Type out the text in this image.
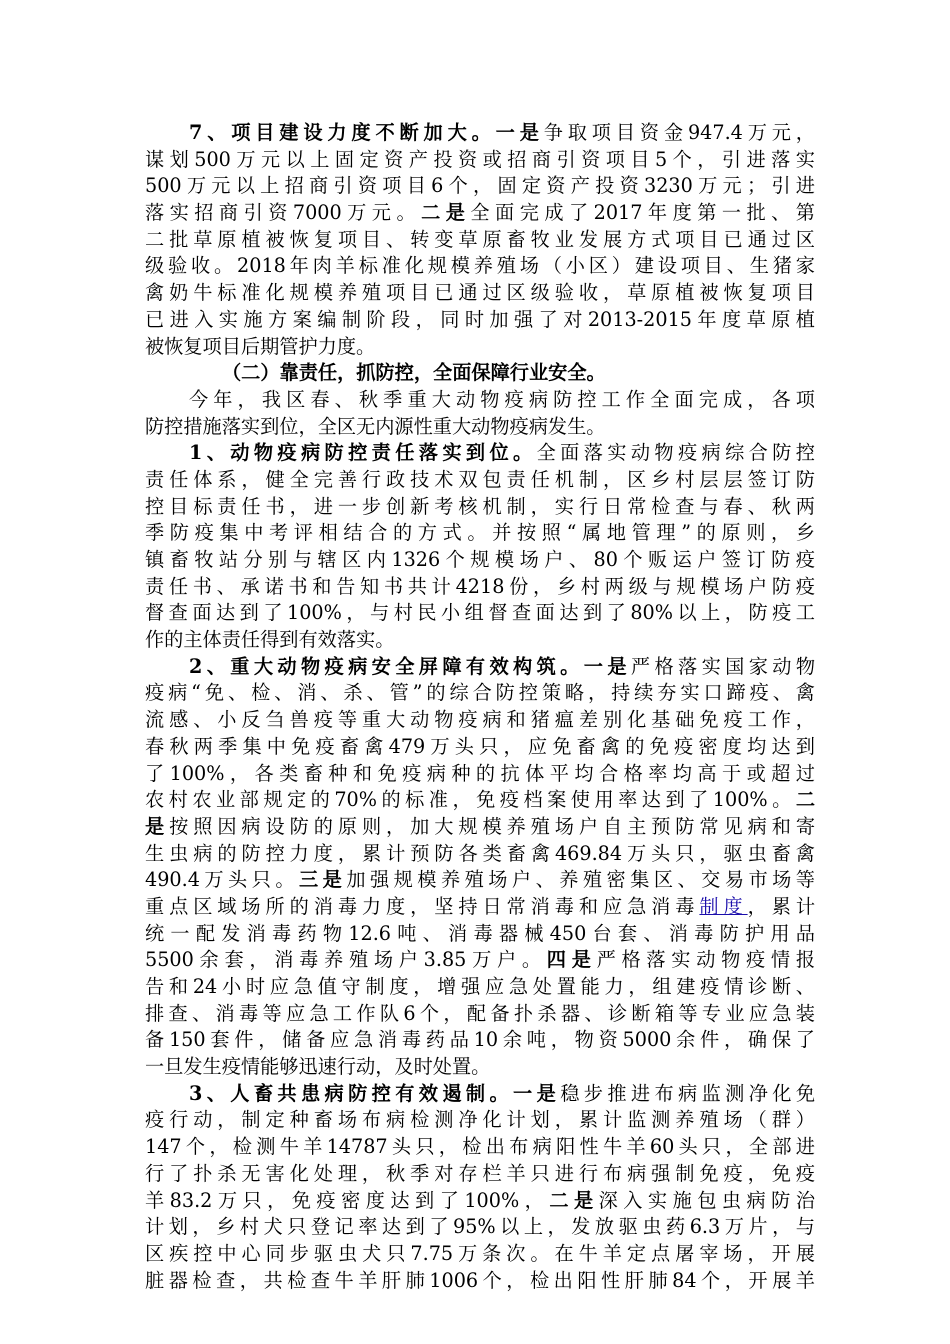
7、项目建设力度不断加大。一是争取项目资金947.4万元，
谋划500万元以上固定资产投资或招商引资项目5个，引进落实
500万元以上招商引资项目6个，固定资产投资3230万元；引进
落实招商引资7000万元。二是全面完成了2017年度第一批、第
二批草原植被恢复项目、转变草原畜牧业发展方式项目已通过区
级验收。2018年肉羊标准化规模养殖场（小区）建设项目、生猪家
禽奶牛标准化规模养殖项目已通过区级验收，草原植被恢复项目
已进入实施方案编制阶段，同时加强了对2013-2015年度草原植
被恢复项目后期管护力度。
（二）靠责任，抓防控，全面保障行业安全。
今年，我区春、秋季重大动物疫病防控工作全面完成，各项
防控措施落实到位，全区无内源性重大动物疫病发生。
1、动物疫病防控责任落实到位。全面落实动物疫病综合防控
责任体系，健全完善行政技术双包责任机制，区乡村层层签订防
控目标责任书，进一步创新考核机制，实行日常检查与春、秋两
季防疫集中考评相结合的方式。并按照“属地管理”的原则，乡
镇畜牧站分别与辖区内1326个规模场户、80个贩运户签订防疫
责任书、承诺书和告知书共计4218份，乡村两级与规模场户防疫
督查面达到了100%，与村民小组督查面达到了80%以上，防疫工
作的主体责任得到有效落实。
2、重大动物疫病安全屏障有效构筑。一是严格落实国家动物
疫病“免、检、消、杀、管”的综合防控策略，持续夯实口蹄疫、禽
流感、小反刍兽疫等重大动物疫病和猪瘟差别化基础免疫工作，
春秋两季集中免疫畜禽479万头只，应免畜禽的免疫密度均达到
了100%，各类畜种和免疫病种的抗体平均合格率均高于或超过
农村农业部规定的70%的标准，免疫档案使用率达到了100%。二
是按照因病设防的原则，加大规模养殖场户自主预防常见病和寄
生虫病的防控力度，累计预防各类畜禽469.84万头只，驱虫畜禽
490.4万头只。三是加强规模养殖场户、养殖密集区、交易市场等
重点区域场所的消毒力度，坚持日常消毒和应急消毒制度，累计
统一配发消毒药物12.6吨、消毒器械450台套、消毒防护用品
5500余套，消毒养殖场户3.85万户。四是严格落实动物疫情报
告和24小时应急值守制度，增强应急处置能力，组建疫情诊断、
排查、消毒等应急工作队6个，配备扑杀器、诊断箱等专业应急装
备150套件，储备应急消毒药品10余吨，物资5000余件，确保了
一旦发生疫情能够迅速行动，及时处置。
3、人畜共患病防控有效遏制。一是稳步推进布病监测净化免
疫行动，制定种畜场布病检测净化计划，累计监测养殖场（群）
147个，检测牛羊14787头只，检出布病阳性牛羊60头只，全部进
行了扑杀无害化处理，秋季对存栏羊只进行布病强制免疫，免疫
羊83.2万只，免疫密度达到了100%，二是深入实施包虫病防治
计划，乡村犬只登记率达到了95%以上，发放驱虫药6.3万片，与
区疾控中心同步驱虫犬只7.75万条次。在牛羊定点屠宰场，开展
脏器检查，共检查牛羊肝肺1006个，检出阳性肝肺84个，开展羊
